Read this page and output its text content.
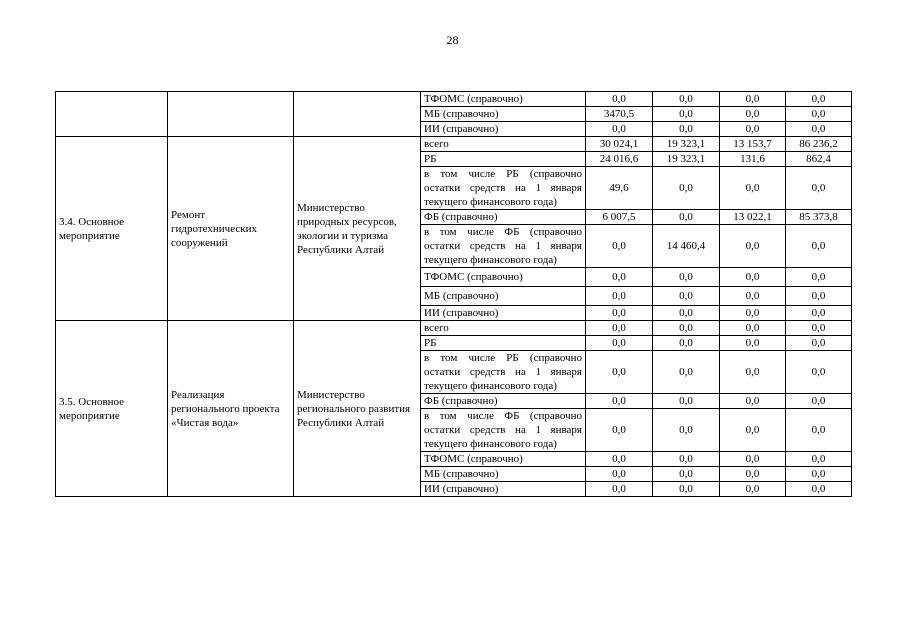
28
			ТФОМС (справочно)	0,0	0,0	0,0	0,0
			МБ (справочно)	3470,5	0,0	0,0	0,0
			ИИ (справочно)	0,0	0,0	0,0	0,0
3.4. Основное мероприятие	Ремонт гидротехнических сооружений	Министерство природных ресурсов, экологии и туризма Республики Алтай	всего	30 024,1	19 323,1	13 153,7	86 236,2
			РБ	24 016,6	19 323,1	131,6	862,4
			в том числе РБ (справочно остатки средств на 1 января текущего финансового года)	49,6	0,0	0,0	0,0
			ФБ (справочно)	6 007,5	0,0	13 022,1	85 373,8
			в том числе ФБ (справочно остатки средств на 1 января текущего финансового года)	0,0	14 460,4	0,0	0,0
			ТФОМС (справочно)	0,0	0,0	0,0	0,0
			МБ (справочно)	0,0	0,0	0,0	0,0
			ИИ (справочно)	0,0	0,0	0,0	0,0
3.5. Основное мероприятие	Реализация регионального проекта «Чистая вода»	Министерство регионального развития Республики Алтай	всего	0,0	0,0	0,0	0,0
			РБ	0,0	0,0	0,0	0,0
			в том числе РБ (справочно остатки средств на 1 января текущего финансового года)	0,0	0,0	0,0	0,0
			ФБ (справочно)	0,0	0,0	0,0	0,0
			в том числе ФБ (справочно остатки средств на 1 января текущего финансового года)	0,0	0,0	0,0	0,0
			ТФОМС (справочно)	0,0	0,0	0,0	0,0
			МБ (справочно)	0,0	0,0	0,0	0,0
			ИИ (справочно)	0,0	0,0	0,0	0,0
